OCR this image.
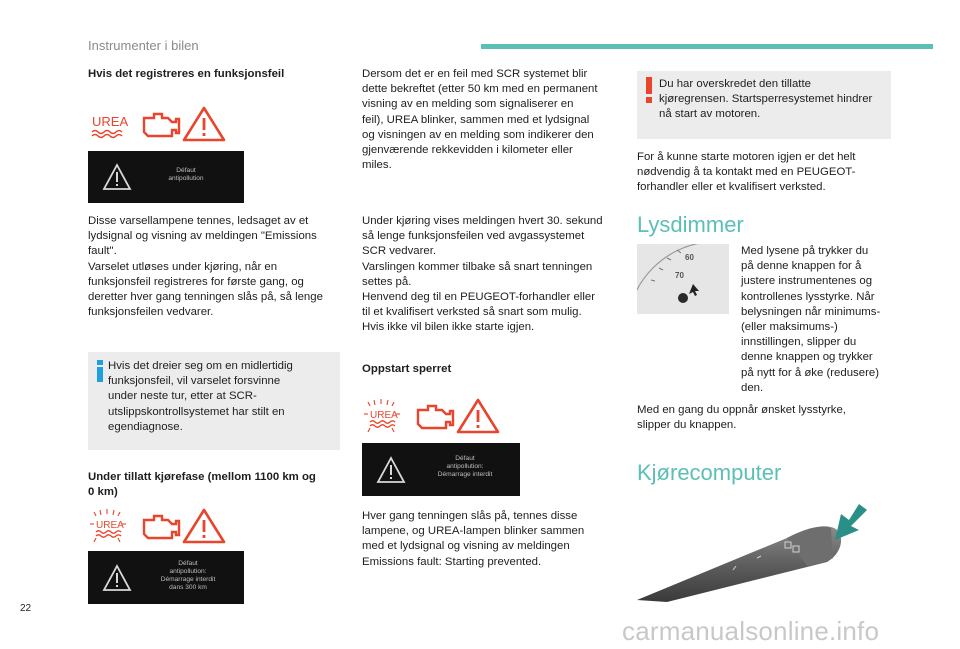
Instrumenter i bilen
Hvis det registreres en funksjonsfeil
UREA
Défaut
antipollution

Disse varsellampene tennes, ledsaget av et

lydsignal og visning av meldingen "Emissions

fault".

Varselet utløses under kjøring, når en

funksjonsfeil registreres for første gang, og

deretter hver gang tenningen slås på, så lenge

funksjonsfeilen vedvarer.

Hvis det dreier seg om en midlertidig

funksjonsfeil, vil varselet forsvinne

under neste tur, etter at SCR-

utslippskontrollsystemet har stilt en

egendiagnose.

Under tillatt kjørefase (mellom 1100 km og

0 km)

UREA
Défaut
antipollution:
Démarrage interdit
dans 300 km

Dersom det er en feil med SCR systemet blir

dette bekreftet (etter 50 km med en permanent

visning av en melding som signaliserer en

feil), UREA blinker, sammen med et lydsignal

og visningen av en melding som indikerer den

gjenværende rekkevidden i kilometer eller

miles.

Under kjøring vises meldingen hvert 30. sekund

så lenge funksjonsfeilen ved avgassystemet

SCR vedvarer.

Varslingen kommer tilbake så snart tenningen

settes på.

Henvend deg til en PEUGEOT-forhandler eller

til et kvalifisert verksted så snart som mulig.

Hvis ikke vil bilen ikke starte igjen.

Oppstart sperret
UREA
Défaut
antipollution:
Démarrage interdit

Hver gang tenningen slås på, tennes disse

lampene, og UREA-lampen blinker sammen

med et lydsignal og visning av meldingen

Emissions fault: Starting prevented.

Du har overskredet den tillatte

kjøregrensen. Startsperresystemet hindrer

nå start av motoren.

For å kunne starte motoren igjen er det helt

nødvendig å ta kontakt med en PEUGEOT-

forhandler eller et kvalifisert verksted.

Lysdimmer
60
70

Med lysene på trykker du

på denne knappen for å

justere instrumentenes og

kontrollenes lysstyrke. Når

belysningen når minimums-

(eller maksimums-)

innstillingen, slipper du

denne knappen og trykker

på nytt for å øke (redusere)

den.

Med en gang du oppnår ønsket lysstyrke,

slipper du knappen.

Kjørecomputer
22
carmanualsonline.info
